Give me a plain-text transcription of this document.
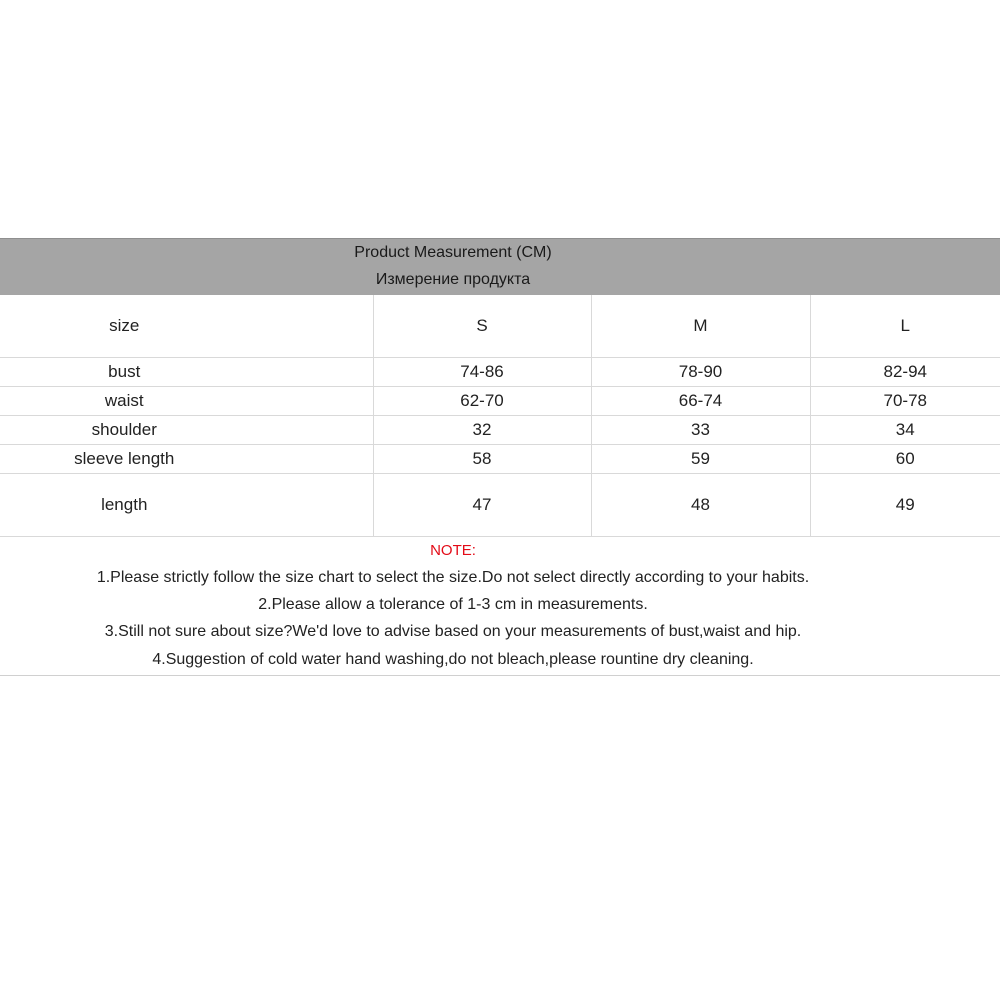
Product Measurement (CM)
Измерение продукта
size	S	M	L
bust	74-86	78-90	82-94
waist	62-70	66-74	70-78
shoulder	32	33	34
sleeve length	58	59	60
length	47	48	49
NOTE:
1.Please strictly follow the size chart to select the size.Do not select directly according to your habits.
2.Please allow a tolerance of 1-3 cm in measurements.
3.Still not sure about size?We'd love to advise based on your measurements of bust,waist and hip.
4.Suggestion of cold water hand washing,do not bleach,please rountine dry cleaning.
